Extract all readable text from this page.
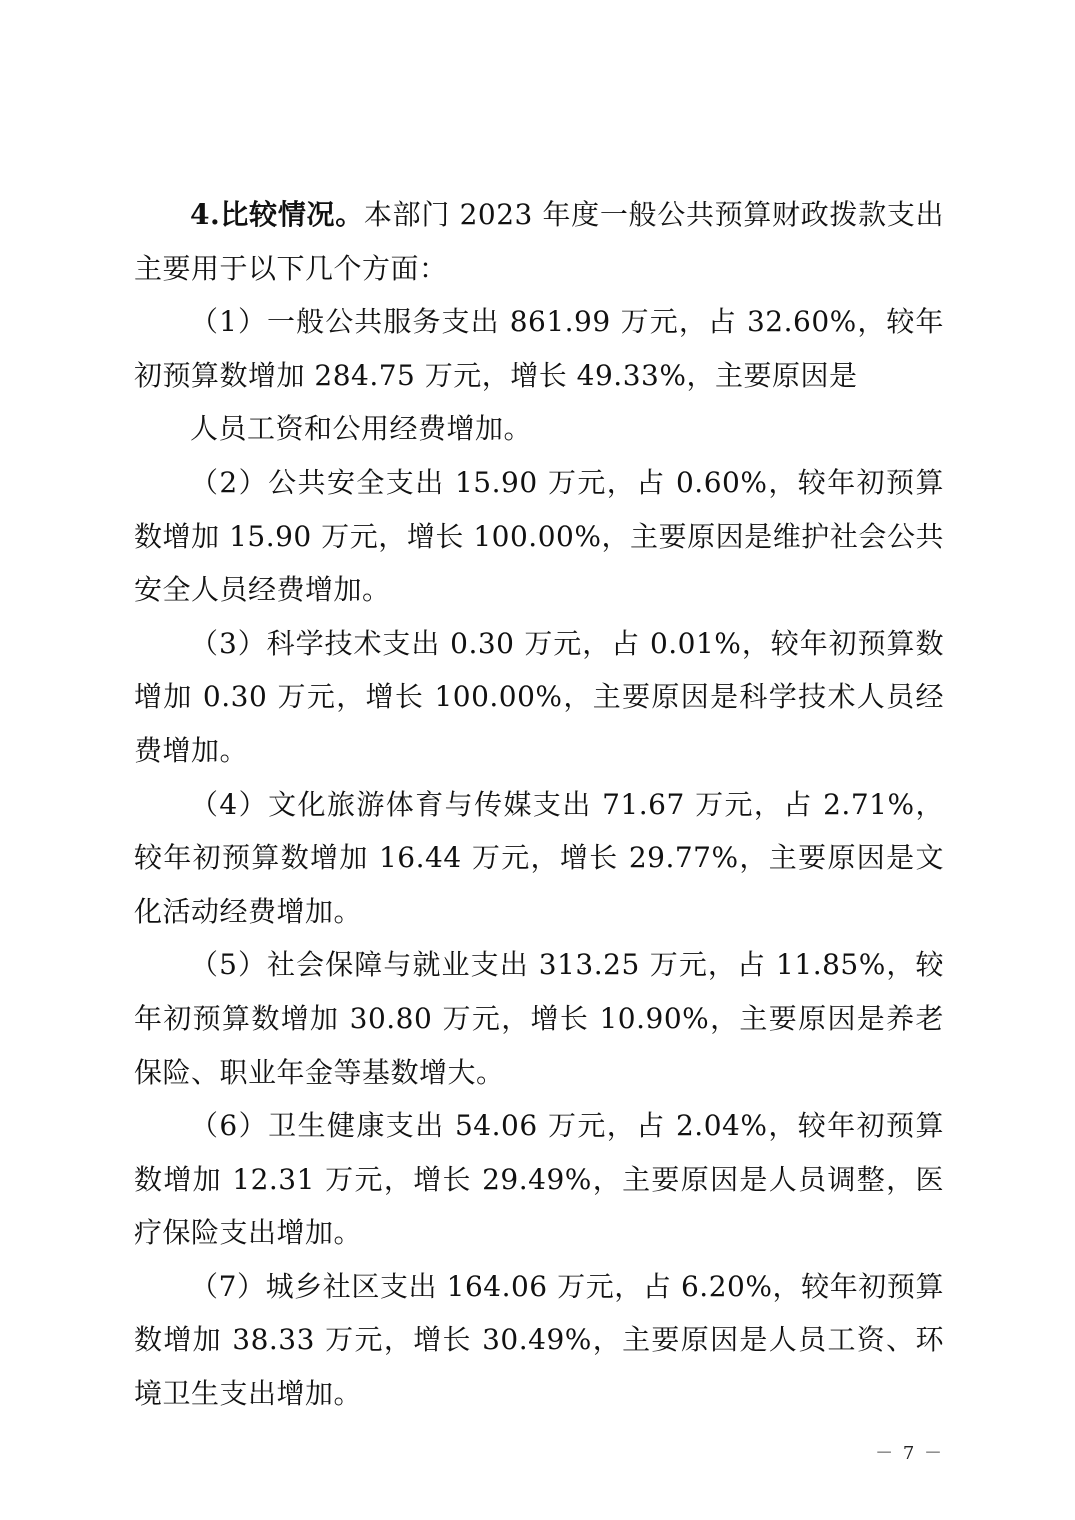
4.比较情况。本部门 2023 年度一般公共预算财政拨款支出主要用于以下几个方面：

（1）一般公共服务支出 861.99 万元，占 32.60%，较年初预算数增加 284.75 万元，增长 49.33%，主要原因是

人员工资和公用经费增加。

（2）公共安全支出 15.90 万元，占 0.60%，较年初预算数增加 15.90 万元，增长 100.00%，主要原因是维护社会公共安全人员经费增加。

（3）科学技术支出 0.30 万元，占 0.01%，较年初预算数增加 0.30 万元，增长 100.00%，主要原因是科学技术人员经费增加。

（4）文化旅游体育与传媒支出 71.67 万元，占 2.71%，较年初预算数增加 16.44 万元，增长 29.77%，主要原因是文化活动经费增加。

（5）社会保障与就业支出 313.25 万元，占 11.85%，较年初预算数增加 30.80 万元，增长 10.90%，主要原因是养老保险、职业年金等基数增大。

（6）卫生健康支出 54.06 万元，占 2.04%，较年初预算数增加 12.31 万元，增长 29.49%，主要原因是人员调整，医疗保险支出增加。

（7）城乡社区支出 164.06 万元，占 6.20%，较年初预算数增加 38.33 万元，增长 30.49%，主要原因是人员工资、环境卫生支出增加。

－ 7 －
